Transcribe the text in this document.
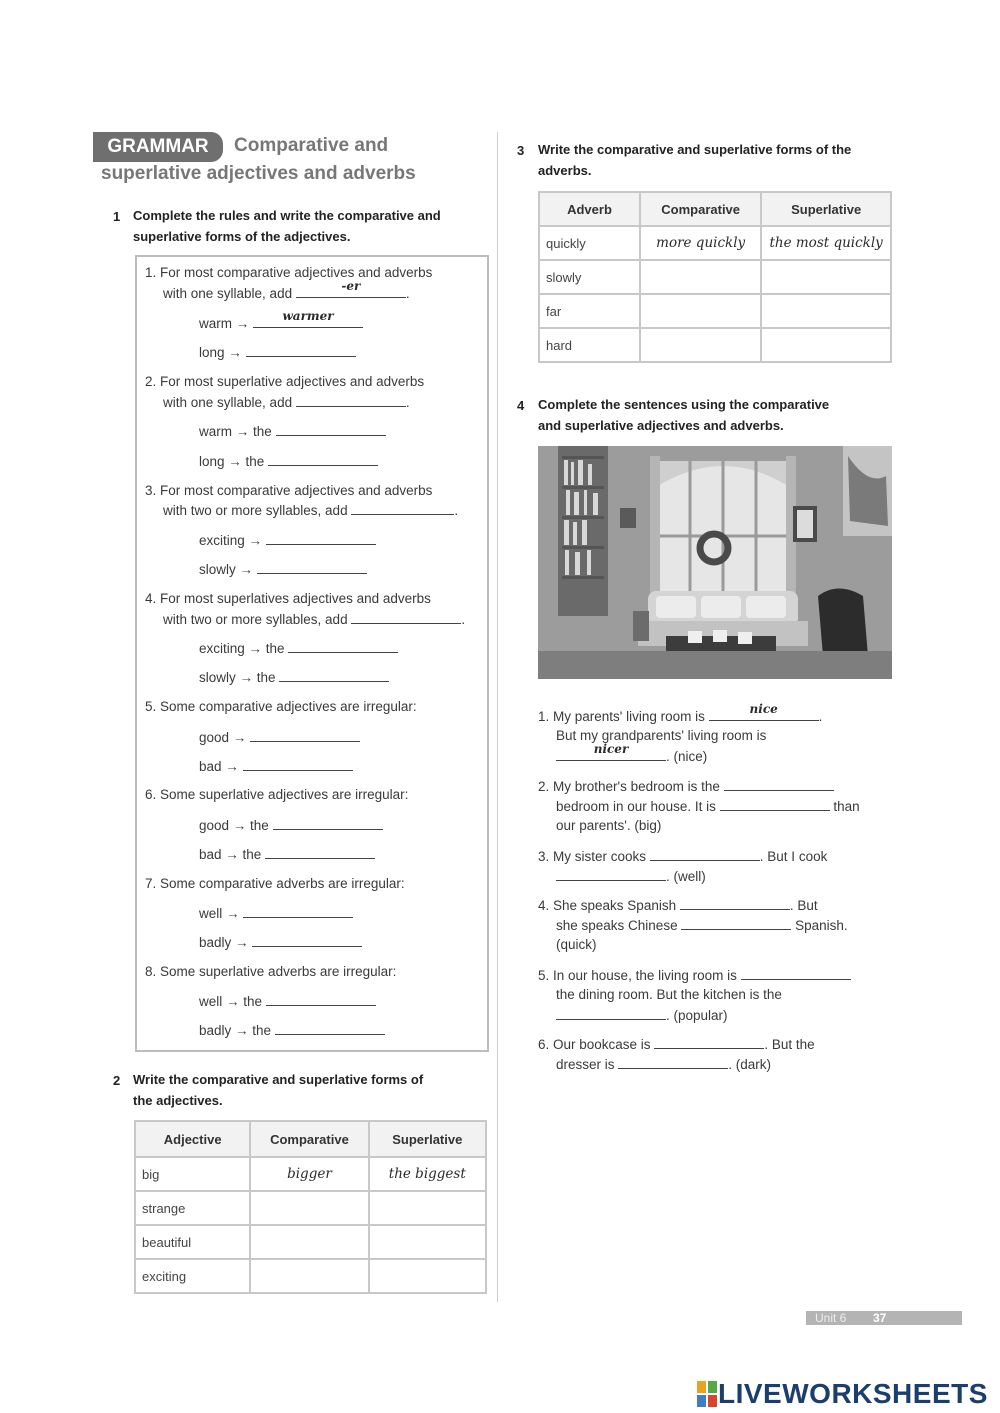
GRAMMAR	Comparative and
superlative adjectives and adverbs
1 Complete the rules and write the comparative and
superlative forms of the adjectives.
1. For most comparative adjectives and adverbs
with one syllable, add	-er	.
warm →	warmer
long →
2. For most superlative adjectives and adverbs
with one syllable, add	.
warm → the
long → the
3. For most comparative adjectives and adverbs
with two or more syllables, add	.
exciting →
slowly →
4. For most superlatives adjectives and adverbs
with two or more syllables, add	.
exciting → the
slowly → the
5. Some comparative adjectives are irregular:
good →
bad →
6. Some superlative adjectives are irregular:
good → the
bad → the
7. Some comparative adverbs are irregular:
well →
badly →
8. Some superlative adverbs are irregular:
well → the
badly → the
2 Write the comparative and superlative forms of
the adjectives.
Adjective	Comparative	Superlative
big	bigger	the biggest
strange		
beautiful		
exciting		
3 Write the comparative and superlative forms of the
adverbs.
Adverb	Comparative	Superlative
quickly	more quickly	the most quickly
slowly		
far		
hard		
4 Complete the sentences using the comparative
and superlative adjectives and adverbs.
1. My parents' living room is	nice	.
But my grandparents' living room is
nicer	. (nice)
2. My brother's bedroom is the
bedroom in our house. It is	than
our parents'. (big)
3. My sister cooks	. But I cook
. (well)
4. She speaks Spanish	. But
she speaks Chinese	Spanish.
(quick)
5. In our house, the living room is
the dining room. But the kitchen is the
. (popular)
6. Our bookcase is	. But the
dresser is	. (dark)
Unit 6 37
LIVEWORKSHEETS
